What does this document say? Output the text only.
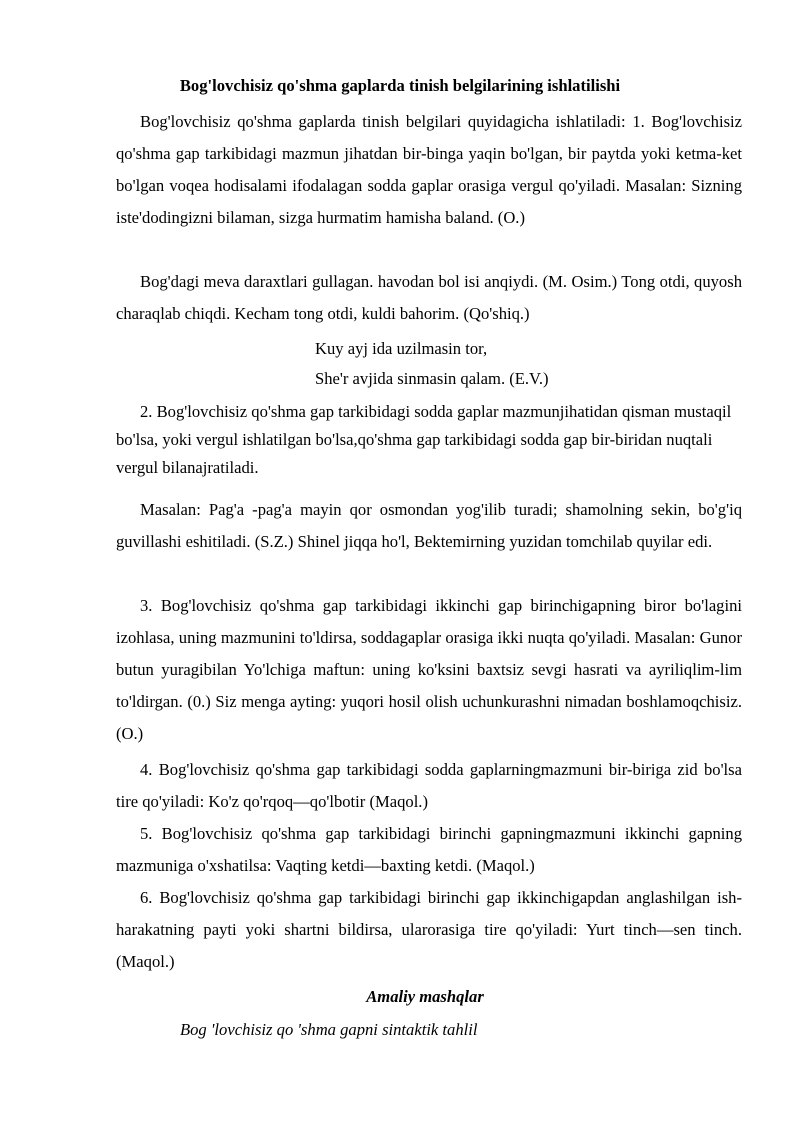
Bog'lovchisiz qo'shma gaplarda tinish belgilarining ishlatilishi

Bog'lovchisiz qo'shma gaplarda tinish belgilari quyidagicha ishlatiladi: 1. Bog'lovchisiz qo'shma gap tarkibidagi mazmun jihatdan bir-binga yaqin bo'lgan, bir paytda yoki ketma-ket bo'lgan voqea hodisalami ifodalagan sodda gaplar orasiga vergul qo'yiladi. Masalan: Sizning iste'dodingizni bilaman, sizga hurmatim hamisha baland. (O.)

Bog'dagi meva daraxtlari gullagan. havodan bol isi anqiydi. (M. Osim.) Tong otdi, quyosh charaqlab chiqdi. Kecham tong otdi, kuldi bahorim. (Qo'shiq.)

Kuy ayj ida uzilmasin tor,
She'r avjida sinmasin qalam. (E.V.)

2. Bog'lovchisiz qo'shma gap tarkibidagi sodda gaplar mazmunjihatidan qisman mustaqil bo'lsa, yoki vergul ishlatilgan bo'lsa,qo'shma gap tarkibidagi sodda gap bir-biridan nuqtali vergul bilanajratiladi.

Masalan: Pag'a -pag'a mayin qor osmondan yog'ilib turadi; shamolning sekin, bo'g'iq guvillashi eshitiladi. (S.Z.) Shinel jiqqa ho'l, Bektemirning yuzidan tomchilab quyilar edi.

3. Bog'lovchisiz qo'shma gap tarkibidagi ikkinchi gap birinchigapning biror bo'lagini izohlasa, uning mazmunini to'ldirsa, soddagaplar orasiga ikki nuqta qo'yiladi. Masalan: Gunor butun yuragibilan Yo'lchiga maftun: uning ko'ksini baxtsiz sevgi hasrati va ayriliqlim-lim to'ldirgan. (0.) Siz menga ayting: yuqori hosil olish uchunkurashni nimadan boshlamoqchisiz. (O.)

4. Bog'lovchisiz qo'shma gap tarkibidagi sodda gaplarningmazmuni bir-biriga zid bo'lsa tire qo'yiladi: Ko'z qo'rqoq—qo'lbotir (Maqol.)

5. Bog'lovchisiz qo'shma gap tarkibidagi birinchi gapningmazmuni ikkinchi gapning mazmuniga o'xshatilsa: Vaqting ketdi—baxting ketdi. (Maqol.)

6. Bog'lovchisiz qo'shma gap tarkibidagi birinchi gap ikkinchigapdan anglashilgan ish-harakatning payti yoki shartni bildirsa, ularorasiga tire qo'yiladi: Yurt tinch—sen tinch. (Maqol.)

Amaliy mashqlar
Bog 'lovchisiz qo 'shma gapni sintaktik tahlil
